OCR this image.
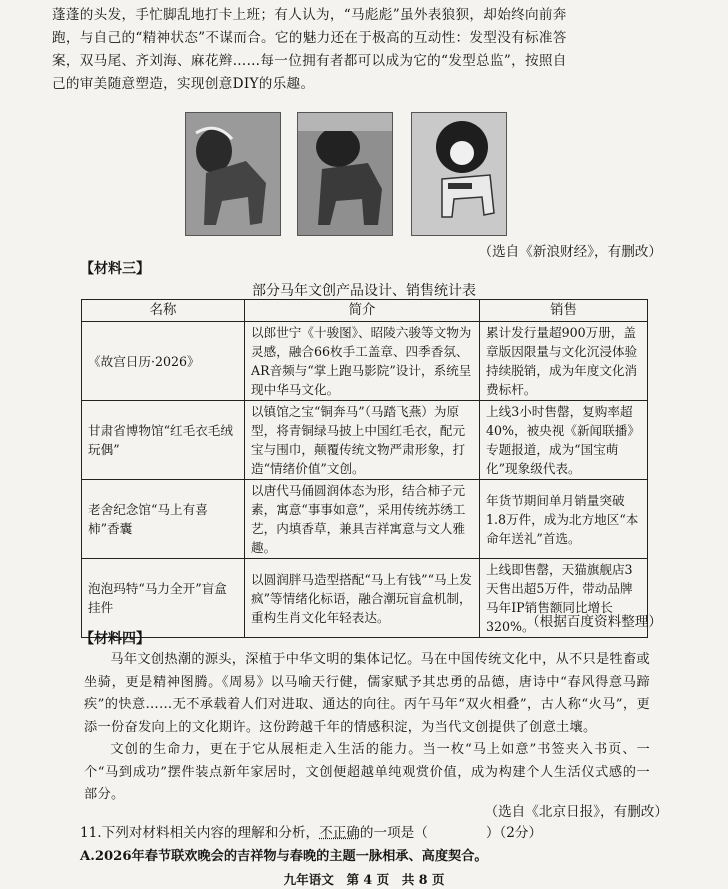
蓬蓬的头发，手忙脚乱地打卡上班；有人认为，“马彪彪”虽外表狼狈，却始终向前奔

跑，与自己的“精神状态”不谋而合。它的魅力还在于极高的互动性：发型没有标准答

案，双马尾、齐刘海、麻花辫……每一位拥有者都可以成为它的“发型总监”，按照自

己的审美随意塑造，实现创意DIY的乐趣。

（选自《新浪财经》，有删改）
【材料三】
部分马年文创产品设计、销售统计表
名称	简介	销售
《故宫日历·2026》	以郎世宁《十骏图》、昭陵六骏等文物为灵感，融合66枚手工盖章、四季香氛、AR音频与“掌上跑马影院”设计，系统呈现中华马文化。	累计发行量超900万册，盖章版因限量与文化沉浸体验持续脱销，成为年度文化消费标杆。
甘肃省博物馆“红毛衣毛绒玩偶”	以镇馆之宝“铜奔马”（马踏飞燕）为原型，将青铜绿马披上中国红毛衣，配元宝与围巾，颠覆传统文物严肃形象，打造“情绪价值”文创。	上线3小时售罄，复购率超40%，被央视《新闻联播》专题报道，成为“国宝萌化”现象级代表。
老舍纪念馆“马上有喜柿”香囊	以唐代马俑圆润体态为形，结合柿子元素，寓意“事事如意”，采用传统苏绣工艺，内填香草，兼具吉祥寓意与文人雅趣。	年货节期间单月销量突破1.8万件，成为北方地区“本命年送礼”首选。
泡泡玛特“马力全开”盲盒挂件	以圆润胖马造型搭配“马上有钱”“马上发疯”等情绪化标语，融合潮玩盲盒机制，重构生肖文化年轻表达。	上线即售罄，天猫旗舰店3天售出超5万件，带动品牌马年IP销售额同比增长320%。
（根据百度资料整理）
【材料四】

马年文创热潮的源头，深植于中华文明的集体记忆。马在中国传统文化中，从不只是牲畜或坐骑，更是精神图腾。《周易》以马喻天行健，儒家赋予其忠勇的品德，唐诗中“春风得意马蹄疾”的快意……无不承载着人们对进取、通达的向往。丙午马年“双火相叠”，古人称“火马”，更添一份奋发向上的文化期许。这份跨越千年的情感积淀，为当代文创提供了创意土壤。

文创的生命力，更在于它从展柜走入生活的能力。当一枚“马上如意”书签夹入书页、一个“马到成功”摆件装点新年家居时，文创便超越单纯观赏价值，成为构建个人生活仪式感的一部分。

（选自《北京日报》，有删改）
11.下列对材料相关内容的理解和分析，不正确的一项是（	）（2分）
A.2026年春节联欢晚会的吉祥物与春晚的主题一脉相承、高度契合。
九年语文　第 4 页　共 8 页
